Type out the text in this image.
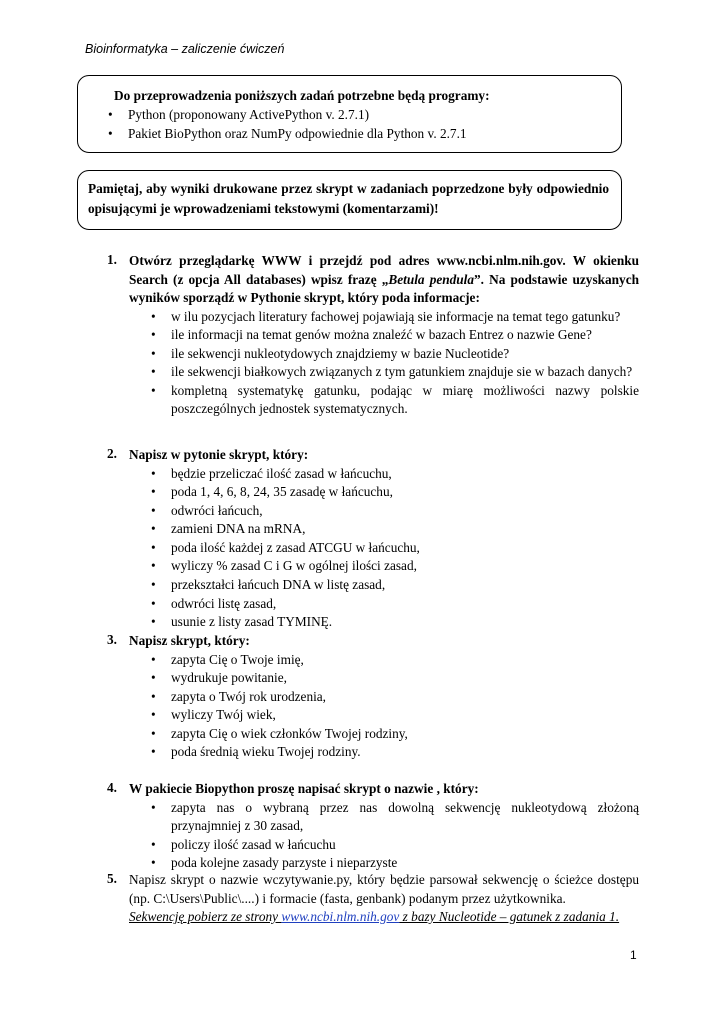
Bioinformatyka – zaliczenie ćwiczeń
Do przeprowadzenia poniższych zadań potrzebne będą programy:
• Python (proponowany ActivePython v. 2.7.1)
• Pakiet BioPython oraz NumPy odpowiednie dla Python v. 2.7.1

Pamiętaj, aby wyniki drukowane przez skrypt w zadaniach poprzedzone były odpowiednio opisującymi je wprowadzeniami tekstowymi (komentarzami)!

1. Otwórz przeglądarkę WWW i przejdź pod adres www.ncbi.nlm.nih.gov. W okienku Search (z opcja All databases) wpisz frazę „Betula pendula”. Na podstawie uzyskanych wyników sporządź w Pythonie skrypt, który poda informacje:
• w ilu pozycjach literatury fachowej pojawiają sie informacje na temat tego gatunku?
• ile informacji na temat genów można znaleźć w bazach Entrez o nazwie Gene?
• ile sekwencji nukleotydowych znajdziemy w bazie Nucleotide?
• ile sekwencji białkowych związanych z tym gatunkiem znajduje sie w bazach danych?
• kompletną systematykę gatunku, podając w miarę możliwości nazwy polskie poszczególnych jednostek systematycznych.
2. Napisz w pytonie skrypt, który:
• będzie przeliczać ilość zasad w łańcuchu,
• poda 1, 4, 6, 8, 24, 35 zasadę w łańcuchu,
• odwróci łańcuch,
• zamieni DNA na mRNA,
• poda ilość każdej z zasad ATCGU w łańcuchu,
• wyliczy % zasad C i G w ogólnej ilości zasad,
• przekształci łańcuch DNA w listę zasad,
• odwróci listę zasad,
• usunie z listy zasad TYMINĘ.
3. Napisz skrypt, który:
• zapyta Cię o Twoje imię,
• wydrukuje powitanie,
• zapyta o Twój rok urodzenia,
• wyliczy Twój wiek,
• zapyta Cię o wiek członków Twojej rodziny,
• poda średnią wieku Twojej rodziny.
4. W pakiecie Biopython proszę napisać skrypt o nazwie , który:
• zapyta nas o wybraną przez nas dowolną sekwencję nukleotydową złożoną przynajmniej z 30 zasad,
• policzy ilość zasad w łańcuchu
• poda kolejne zasady parzyste i nieparzyste
5. Napisz skrypt o nazwie wczytywanie.py, który będzie parsował sekwencję o ścieżce dostępu (np. C:\Users\Public\....) i formacie (fasta, genbank) podanym przez użytkownika.
Sekwencję pobierz ze strony www.ncbi.nlm.nih.gov z bazy Nucleotide – gatunek z zadania 1.
1
